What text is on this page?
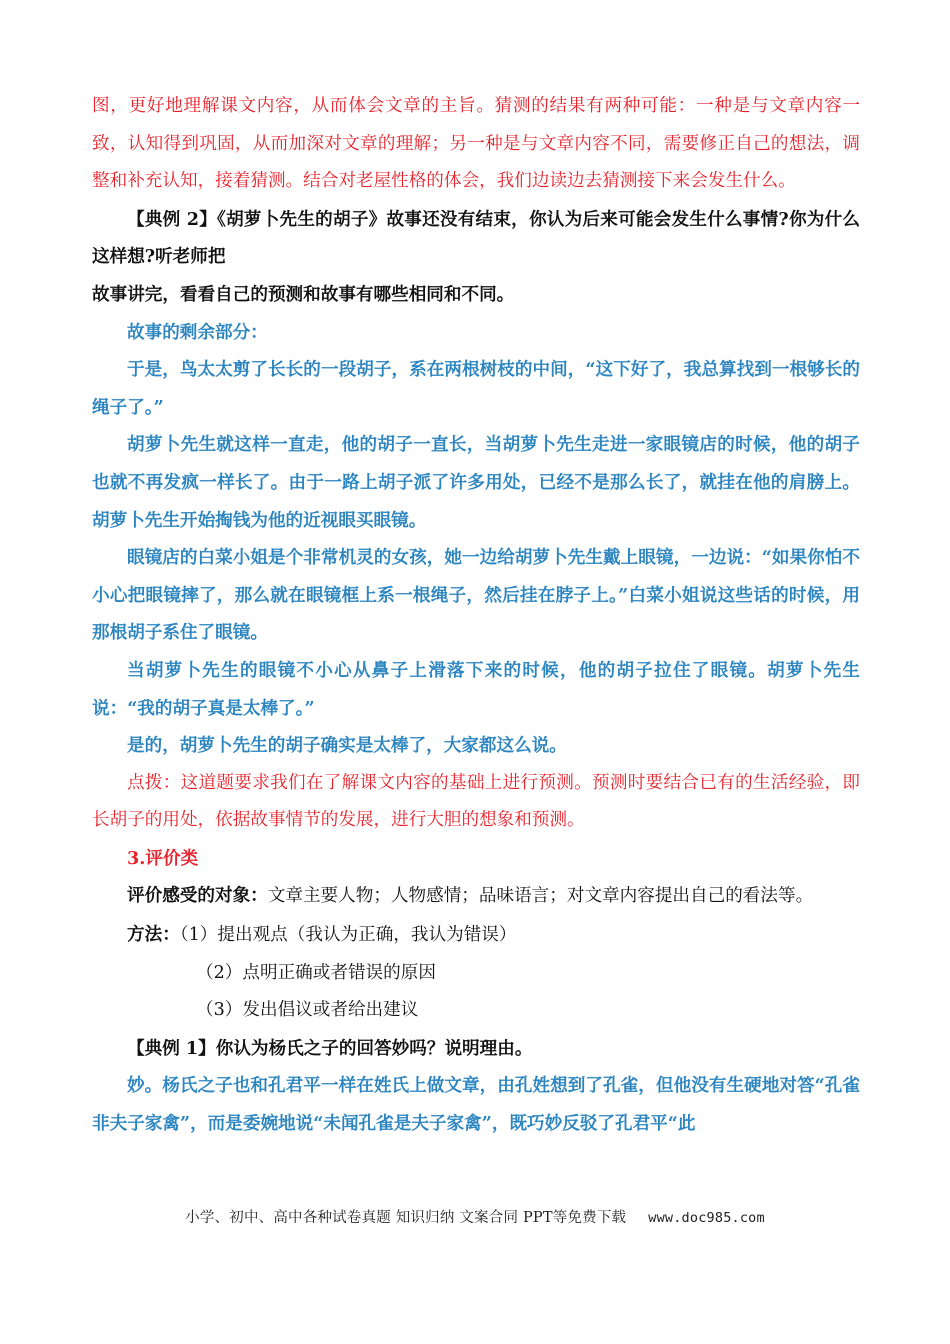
图，更好地理解课文内容，从而体会文章的主旨。猜测的结果有两种可能：一种是与文章内容一致，认知得到巩固，从而加深对文章的理解；另一种是与文章内容不同，需要修正自己的想法，调整和补充认知，接着猜测。结合对老屋性格的体会，我们边读边去猜测接下来会发生什么。

【典例 2】《胡萝卜先生的胡子》故事还没有结束，你认为后来可能会发生什么事情?你为什么这样想?听老师把

故事讲完，看看自己的预测和故事有哪些相同和不同。

故事的剩余部分：

于是，鸟太太剪了长长的一段胡子，系在两根树枝的中间，“这下好了，我总算找到一根够长的绳子了。”

胡萝卜先生就这样一直走，他的胡子一直长，当胡萝卜先生走进一家眼镜店的时候，他的胡子也就不再发疯一样长了。由于一路上胡子派了许多用处，已经不是那么长了，就挂在他的肩膀上。胡萝卜先生开始掏钱为他的近视眼买眼镜。

眼镜店的白菜小姐是个非常机灵的女孩，她一边给胡萝卜先生戴上眼镜，一边说：“如果你怕不小心把眼镜摔了，那么就在眼镜框上系一根绳子，然后挂在脖子上。”白菜小姐说这些话的时候，用那根胡子系住了眼镜。

当胡萝卜先生的眼镜不小心从鼻子上滑落下来的时候，他的胡子拉住了眼镜。胡萝卜先生说：“我的胡子真是太棒了。”

是的，胡萝卜先生的胡子确实是太棒了，大家都这么说。

点拨：这道题要求我们在了解课文内容的基础上进行预测。预测时要结合已有的生活经验，即长胡子的用处，依据故事情节的发展，进行大胆的想象和预测。

3.评价类

评价感受的对象：文章主要人物；人物感情；品味语言；对文章内容提出自己的看法等。

方法：（1）提出观点（我认为正确，我认为错误）

（2）点明正确或者错误的原因

（3）发出倡议或者给出建议

【典例 1】你认为杨氏之子的回答妙吗？说明理由。

妙。杨氏之子也和孔君平一样在姓氏上做文章，由孔姓想到了孔雀，但他没有生硬地对答“孔雀非夫子家禽”，而是委婉地说“未闻孔雀是夫子家禽”，既巧妙反驳了孔君平“此

小学、初中、高中各种试卷真题 知识归纳 文案合同 PPT等免费下载 www.doc985.com
